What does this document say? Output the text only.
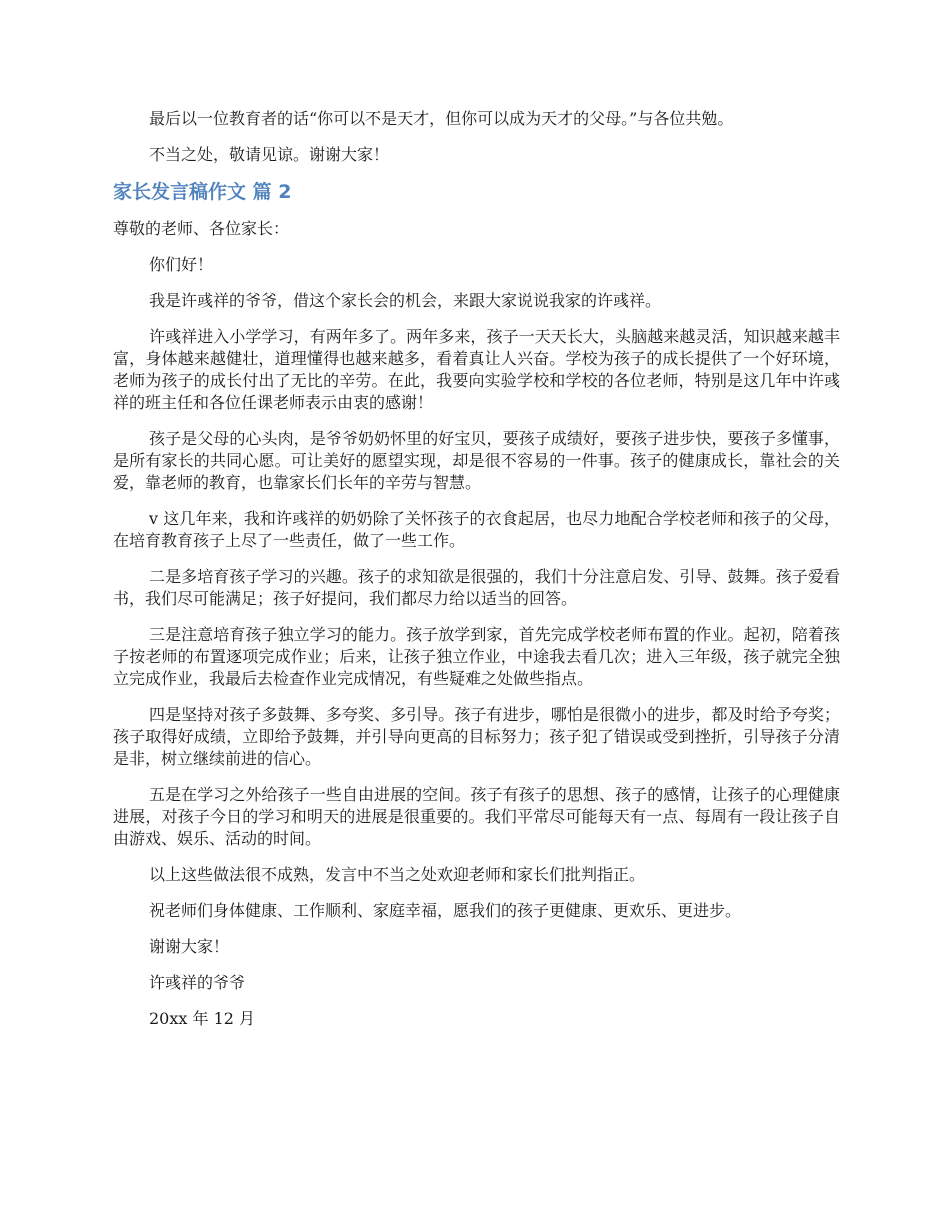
最后以一位教育者的话“你可以不是天才，但你可以成为天才的父母。”与各位共勉。

不当之处，敬请见谅。谢谢大家！

家长发言稿作文 篇 2

尊敬的老师、各位家长：

你们好！

我是许彧祥的爷爷，借这个家长会的机会，来跟大家说说我家的许彧祥。

许彧祥进入小学学习，有两年多了。两年多来，孩子一天天长大，头脑越来越灵活，知识越来越丰富，身体越来越健壮，道理懂得也越来越多，看着真让人兴奋。学校为孩子的成长提供了一个好环境，老师为孩子的成长付出了无比的辛劳。在此，我要向实验学校和学校的各位老师，特别是这几年中许彧祥的班主任和各位任课老师表示由衷的感谢！

孩子是父母的心头肉，是爷爷奶奶怀里的好宝贝，要孩子成绩好，要孩子进步快，要孩子多懂事，是所有家长的共同心愿。可让美好的愿望实现，却是很不容易的一件事。孩子的健康成长，靠社会的关爱，靠老师的教育，也靠家长们长年的辛劳与智慧。

v 这几年来，我和许彧祥的奶奶除了关怀孩子的衣食起居，也尽力地配合学校老师和孩子的父母，在培育教育孩子上尽了一些责任，做了一些工作。

二是多培育孩子学习的兴趣。孩子的求知欲是很强的，我们十分注意启发、引导、鼓舞。孩子爱看书，我们尽可能满足；孩子好提问，我们都尽力给以适当的回答。

三是注意培育孩子独立学习的能力。孩子放学到家，首先完成学校老师布置的作业。起初，陪着孩子按老师的布置逐项完成作业；后来，让孩子独立作业，中途我去看几次；进入三年级，孩子就完全独立完成作业，我最后去检查作业完成情况，有些疑难之处做些指点。

四是坚持对孩子多鼓舞、多夸奖、多引导。孩子有进步，哪怕是很微小的进步，都及时给予夸奖；孩子取得好成绩，立即给予鼓舞，并引导向更高的目标努力；孩子犯了错误或受到挫折，引导孩子分清是非，树立继续前进的信心。

五是在学习之外给孩子一些自由进展的空间。孩子有孩子的思想、孩子的感情，让孩子的心理健康进展，对孩子今日的学习和明天的进展是很重要的。我们平常尽可能每天有一点、每周有一段让孩子自由游戏、娱乐、活动的时间。

以上这些做法很不成熟，发言中不当之处欢迎老师和家长们批判指正。

祝老师们身体健康、工作顺利、家庭幸福，愿我们的孩子更健康、更欢乐、更进步。

谢谢大家！

许彧祥的爷爷

20xx 年 12 月
